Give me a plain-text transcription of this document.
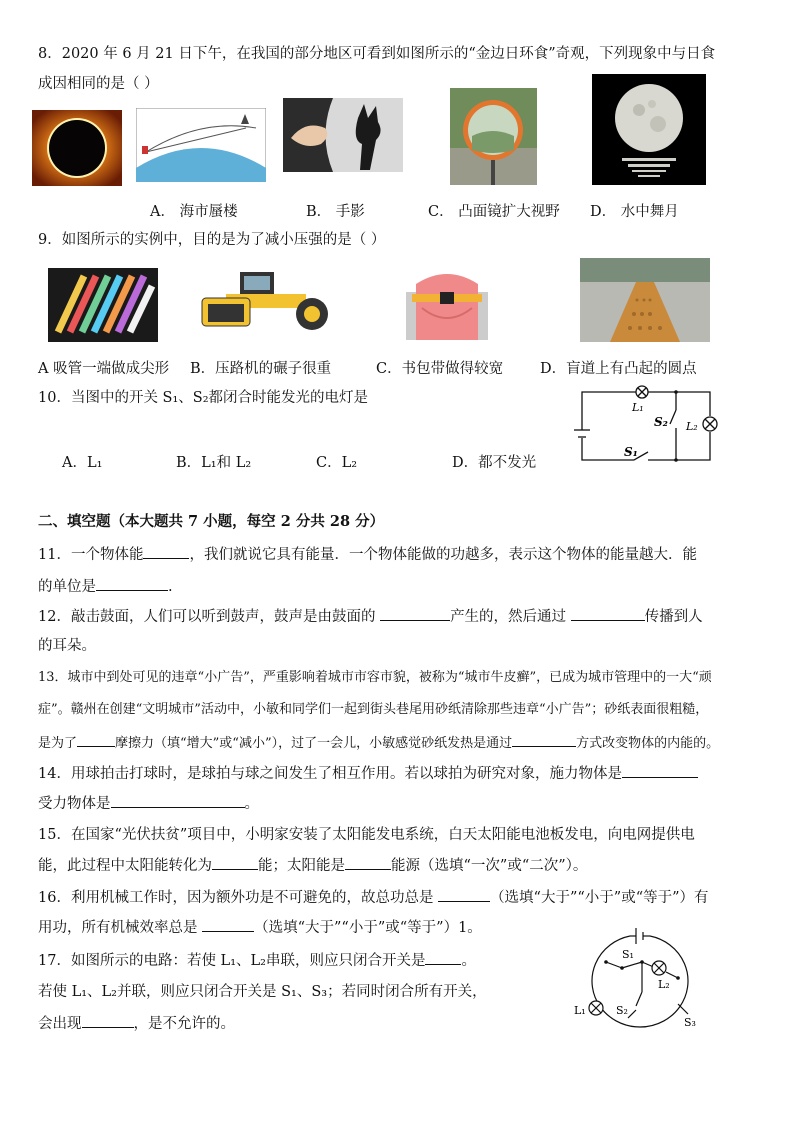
8．2020 年 6 月 21 日下午，在我国的部分地区可看到如图所示的“金边日环食”奇观，下列现象中与日食
成因相同的是（ ）
A． 海市蜃楼	B． 手影	C． 凸面镜扩大视野 D． 水中舞月
9．如图所示的实例中，目的是为了减小压强的是（ ）
A 吸管一端做成尖形 B．压路机的碾子很重	C．书包带做得较宽	D．盲道上有凸起的圆点
10．当图中的开关 S₁、S₂都闭合时能发光的电灯是
L₁
S₂ L₂
S₁
A．L₁	B．L₁和 L₂	C．L₂	D．都不发光
二、填空题（本大题共 7 小题，每空 2 分共 28 分）
11．一个物体能	，我们就说它具有能量．一个物体能做的功越多，表示这个物体的能量越大．能
的单位是	.
12．敲击鼓面，人们可以听到鼓声，鼓声是由鼓面的	产生的，然后通过	传播到人
的耳朵。
13．城市中到处可见的违章“小广告”，严重影响着城市市容市貌，被称为“城市牛皮癣”，已成为城市管理中的一大“顽
症”。赣州在创建“文明城市”活动中，小敏和同学们一起到街头巷尾用砂纸清除那些违章“小广告”；砂纸表面很粗糙，
是为了	摩擦力（填“增大”或“减小”），过了一会儿，小敏感觉砂纸发热是通过	方式改变物体的内能的。
14．用球拍击打球时，是球拍与球之间发生了相互作用。若以球拍为研究对象，施力物体是
受力物体是	。
15．在国家“光伏扶贫”项目中，小明家安装了太阳能发电系统，白天太阳能电池板发电，向电网提供电
能，此过程中太阳能转化为	能；太阳能是	能源（选填“一次”或“二次”）。
16．利用机械工作时，因为额外功是不可避免的，故总功总是	（选填“大于”“小于”或“等于”）有
用功，所有机械效率总是	（选填“大于”“小于”或“等于”）1。
17．如图所示的电路：若使 L₁、L₂串联，则应只闭合开关是 。
若使 L₁、L₂并联，则应只闭合开关是 S₁、S₃；若同时闭合所有开关，
会出现	，是不允许的。
S₁
L₂
L₁	S₂
S₃
